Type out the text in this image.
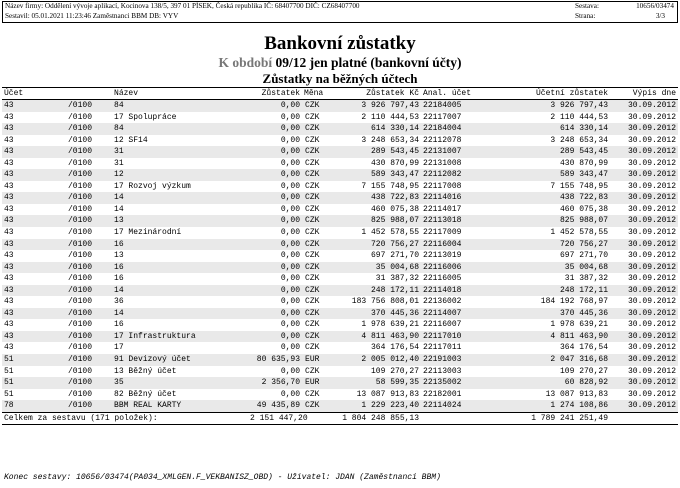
Název firmy: Oddělení vývoje aplikací, Kocinova 138/5, 397 01 PÍSEK, Česká republika IČ: 68407700 DIČ: CZ68407700
Sestavil: 05.01.2021 11:23:46 Zaměstnanci BBM DB: VYV
Sestava:	10656/03474
Strana:	3/3
Bankovní zůstatky
K období 09/12 jen platné (bankovní účty)
Zůstatky na běžných účtech
Účet		Název	Zůstatek	Měna	Zůstatek Kč	Anal. účet	Účetní zůstatek	Výpis dne
43	/0100	84	0,00	CZK	3 926 797,43	22184005	3 926 797,43	30.09.2012
43	/0100	17 Spolupráce	0,00	CZK	2 110 444,53	22117007	2 110 444,53	30.09.2012
43	/0100	84	0,00	CZK	614 330,14	22184004	614 330,14	30.09.2012
43	/0100	12 SF14	0,00	CZK	3 248 653,34	22112078	3 248 653,34	30.09.2012
43	/0100	31	0,00	CZK	289 543,45	22131007	289 543,45	30.09.2012
43	/0100	31	0,00	CZK	430 870,99	22131008	430 870,99	30.09.2012
43	/0100	12	0,00	CZK	589 343,47	22112082	589 343,47	30.09.2012
43	/0100	17 Rozvoj výzkum	0,00	CZK	7 155 748,95	22117008	7 155 748,95	30.09.2012
43	/0100	14	0,00	CZK	438 722,83	22114016	438 722,83	30.09.2012
43	/0100	14	0,00	CZK	460 075,38	22114017	460 075,38	30.09.2012
43	/0100	13	0,00	CZK	825 988,07	22113018	825 988,07	30.09.2012
43	/0100	17 Mezinárodní	0,00	CZK	1 452 578,55	22117009	1 452 578,55	30.09.2012
43	/0100	16	0,00	CZK	720 756,27	22116004	720 756,27	30.09.2012
43	/0100	13	0,00	CZK	697 271,70	22113019	697 271,70	30.09.2012
43	/0100	16	0,00	CZK	35 004,68	22116006	35 004,68	30.09.2012
43	/0100	16	0,00	CZK	31 387,32	22116005	31 387,32	30.09.2012
43	/0100	14	0,00	CZK	248 172,11	22114018	248 172,11	30.09.2012
43	/0100	36	0,00	CZK	183 756 808,01	22136002	184 192 768,97	30.09.2012
43	/0100	14	0,00	CZK	370 445,36	22114007	370 445,36	30.09.2012
43	/0100	16	0,00	CZK	1 978 639,21	22116007	1 978 639,21	30.09.2012
43	/0100	17 Infrastruktura	0,00	CZK	4 811 463,90	22117010	4 811 463,90	30.09.2012
43	/0100	17	0,00	CZK	364 176,54	22117011	364 176,54	30.09.2012
51	/0100	91 Devizový účet	80 635,93	EUR	2 005 012,40	22191003	2 047 316,68	30.09.2012
51	/0100	13 Běžný účet	0,00	CZK	109 270,27	22113003	109 270,27	30.09.2012
51	/0100	35	2 356,70	EUR	58 599,35	22135002	60 828,92	30.09.2012
51	/0100	82 Běžný účet	0,00	CZK	13 087 913,83	22182001	13 087 913,83	30.09.2012
78	/0100	BBM REAL KARTY	49 435,89	CZK	1 229 223,40	22114024	1 274 108,86	30.09.2012
Celkem za sestavu (171 položek):			2 151 447,20		1 804 248 855,13		1 789 241 251,49	
Konec sestavy: 10656/03474(PA034_XMLGEN.F_VEKBANISZ_OBD) - Uživatel: JDAN (Zaměstnanci BBM)
